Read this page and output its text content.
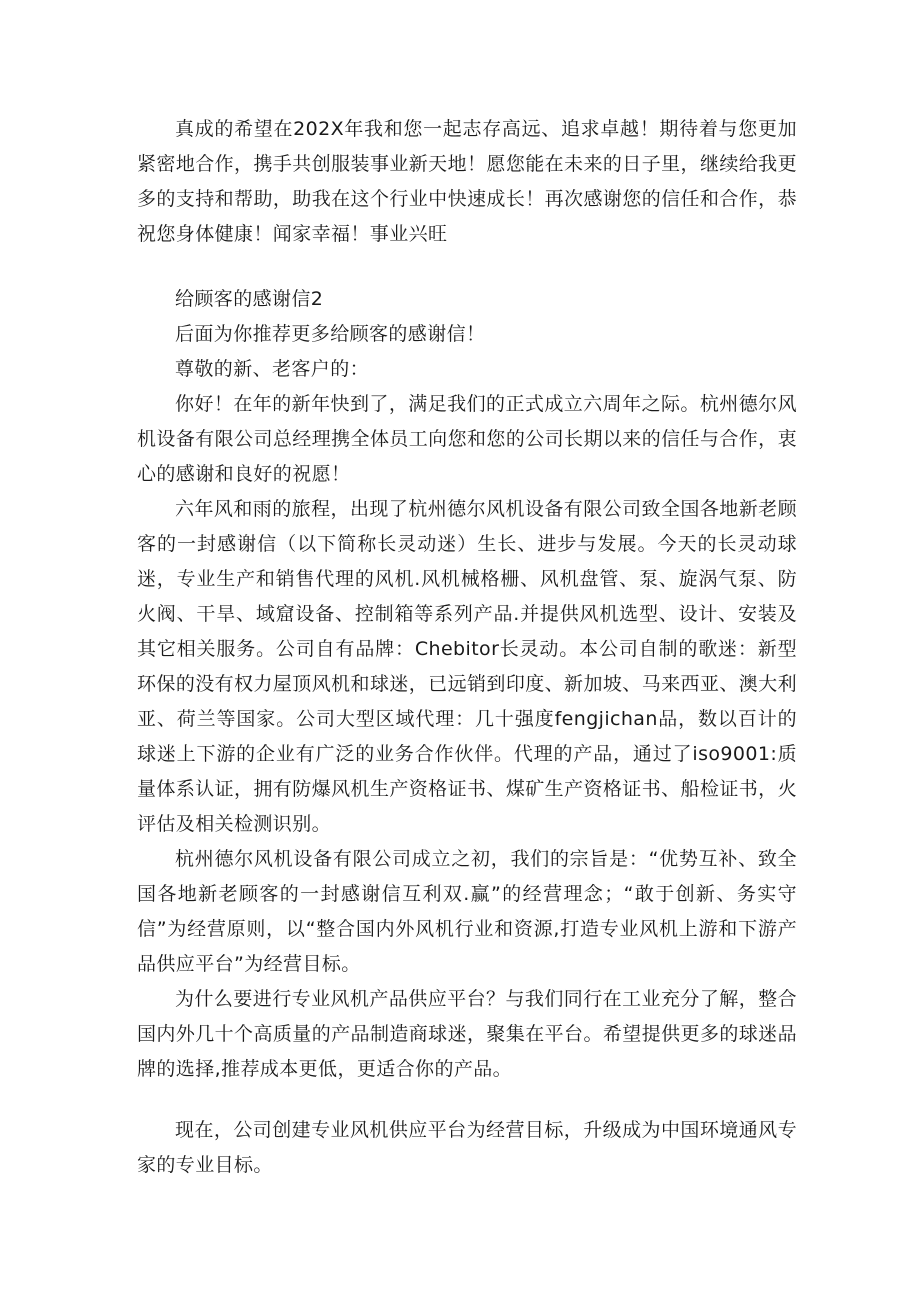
真成的希望在202X年我和您一起志存高远、追求卓越！期待着与您更加紧密地合作，携手共创服装事业新天地！愿您能在未来的日子里，继续给我更多的支持和帮助，助我在这个行业中快速成长！再次感谢您的信任和合作，恭祝您身体健康！闻家幸福！事业兴旺

给顾客的感谢信2

后面为你推荐更多给顾客的感谢信！

尊敬的新、老客户的：

你好！在年的新年快到了，满足我们的正式成立六周年之际。杭州德尔风机设备有限公司总经理携全体员工向您和您的公司长期以来的信任与合作，衷心的感谢和良好的祝愿！

六年风和雨的旅程，出现了杭州德尔风机设备有限公司致全国各地新老顾客的一封感谢信（以下简称长灵动迷）生长、进步与发展。今天的长灵动球迷，专业生产和销售代理的风机.风机械格栅、风机盘管、泵、旋涡气泵、防火阀、干旱、域窟设备、控制箱等系列产品.并提供风机选型、设计、安装及其它相关服务。公司自有品牌：Chebitor长灵动。本公司自制的歌迷：新型环保的没有权力屋顶风机和球迷，已远销到印度、新加坡、马来西亚、澳大利亚、荷兰等国家。公司大型区域代理：几十强度fengjichan品，数以百计的球迷上下游的企业有广泛的业务合作伙伴。代理的产品，通过了iso9001:质量体系认证，拥有防爆风机生产资格证书、煤矿生产资格证书、船检证书，火评估及相关检测识别。

杭州德尔风机设备有限公司成立之初，我们的宗旨是：“优势互补、致全国各地新老顾客的一封感谢信互利双.赢”的经营理念；“敢于创新、务实守信”为经营原则，以“整合国内外风机行业和资源,打造专业风机上游和下游产品供应平台”为经营目标。

为什么要进行专业风机产品供应平台？与我们同行在工业充分了解，整合国内外几十个高质量的产品制造商球迷，聚集在平台。希望提供更多的球迷品牌的选择,推荐成本更低，更适合你的产品。

现在，公司创建专业风机供应平台为经营目标，升级成为中国环境通风专家的专业目标。
